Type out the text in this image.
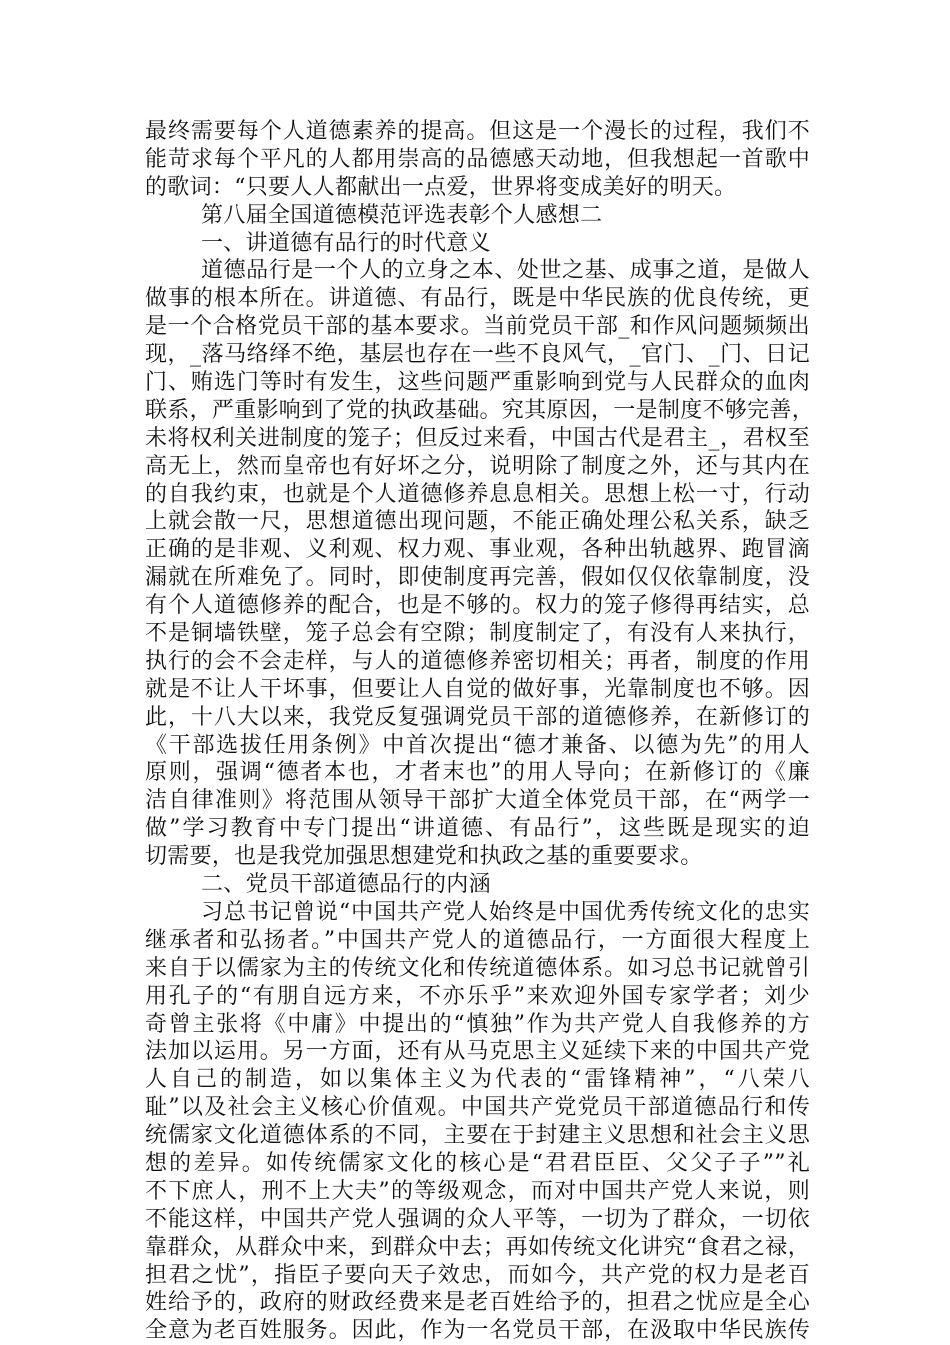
最终需要每个人道德素养的提高。但这是一个漫长的过程，我们不
能苛求每个平凡的人都用崇高的品德感天动地，但我想起一首歌中
的歌词：“只要人人都献出一点爱，世界将变成美好的明天。
第八届全国道德模范评选表彰个人感想二
一、讲道德有品行的时代意义
道德品行是一个人的立身之本、处世之基、成事之道，是做人
做事的根本所在。讲道德、有品行，既是中华民族的优良传统，更
是一个合格党员干部的基本要求。当前党员干部_和作风问题频频出
现，_落马络绎不绝，基层也存在一些不良风气，_官门、_门、日记
门、贿选门等时有发生，这些问题严重影响到党与人民群众的血肉
联系，严重影响到了党的执政基础。究其原因，一是制度不够完善，
未将权利关进制度的笼子；但反过来看，中国古代是君主_，君权至
高无上，然而皇帝也有好坏之分，说明除了制度之外，还与其内在
的自我约束，也就是个人道德修养息息相关。思想上松一寸，行动
上就会散一尺，思想道德出现问题，不能正确处理公私关系，缺乏
正确的是非观、义利观、权力观、事业观，各种出轨越界、跑冒滴
漏就在所难免了。同时，即使制度再完善，假如仅仅依靠制度，没
有个人道德修养的配合，也是不够的。权力的笼子修得再结实，总
不是铜墙铁壁，笼子总会有空隙；制度制定了，有没有人来执行，
执行的会不会走样，与人的道德修养密切相关；再者，制度的作用
就是不让人干坏事，但要让人自觉的做好事，光靠制度也不够。因
此，十八大以来，我党反复强调党员干部的道德修养，在新修订的
《干部选拔任用条例》中首次提出“德才兼备、以德为先”的用人
原则，强调“德者本也，才者末也”的用人导向；在新修订的《廉
洁自律准则》将范围从领导干部扩大道全体党员干部，在“两学一
做”学习教育中专门提出“讲道德、有品行”，这些既是现实的迫
切需要，也是我党加强思想建党和执政之基的重要要求。
二、党员干部道德品行的内涵
习总书记曾说“中国共产党人始终是中国优秀传统文化的忠实
继承者和弘扬者。”中国共产党人的道德品行，一方面很大程度上
来自于以儒家为主的传统文化和传统道德体系。如习总书记就曾引
用孔子的“有朋自远方来，不亦乐乎”来欢迎外国专家学者；刘少
奇曾主张将《中庸》中提出的“慎独”作为共产党人自我修养的方
法加以运用。另一方面，还有从马克思主义延续下来的中国共产党
人自己的制造，如以集体主义为代表的“雷锋精神”，“八荣八
耻”以及社会主义核心价值观。中国共产党党员干部道德品行和传
统儒家文化道德体系的不同，主要在于封建主义思想和社会主义思
想的差异。如传统儒家文化的核心是“君君臣臣、父父子子””礼
不下庶人，刑不上大夫”的等级观念，而对中国共产党人来说，则
不能这样，中国共产党人强调的众人平等，一切为了群众，一切依
靠群众，从群众中来，到群众中去；再如传统文化讲究“食君之禄，
担君之忧”，指臣子要向天子效忠，而如今，共产党的权力是老百
姓给予的，政府的财政经费来是老百姓给予的，担君之忧应是全心
全意为老百姓服务。因此，作为一名党员干部，在汲取中华民族传
